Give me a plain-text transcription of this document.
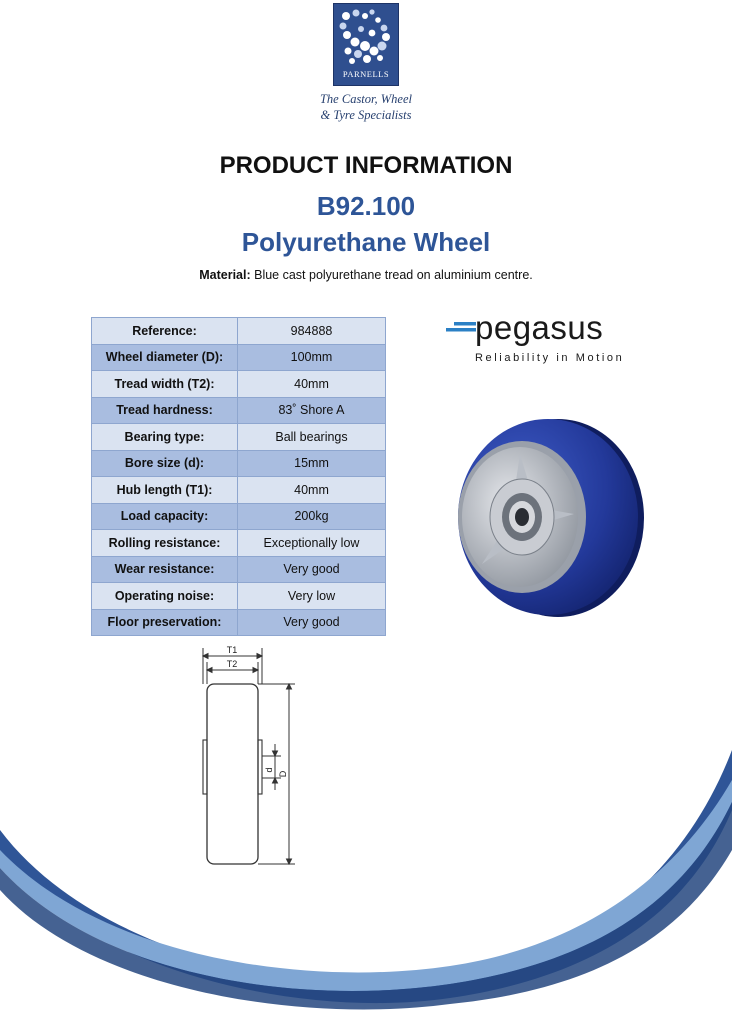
PARNELLS
The Castor, Wheel
& Tyre Specialists
PRODUCT INFORMATION
B92.100
Polyurethane Wheel
Material: Blue cast polyurethane tread on aluminium centre.
Reference:	984888
Wheel diameter (D):	100mm
Tread width (T2):	40mm
Tread hardness:	83˚ Shore A
Bearing type:	Ball bearings
Bore size (d):	15mm
Hub length (T1):	40mm
Load capacity:	200kg
Rolling resistance:	Exceptionally low
Wear resistance:	Very good
Operating noise:	Very low
Floor preservation:	Very good
pegasus
Reliability in Motion
T1
T2
d
D
